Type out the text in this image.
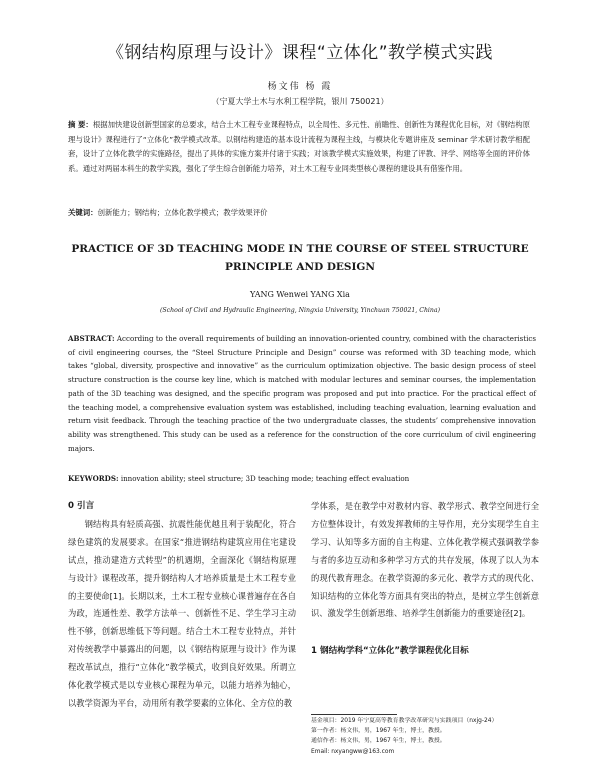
《钢结构原理与设计》课程“立体化”教学模式实践
杨文伟 杨 霞
（宁夏大学土木与水利工程学院，银川 750021）
摘 要：根据加快建设创新型国家的总要求，结合土木工程专业课程特点，以全局性、多元性、前瞻性、创新性为课程优化目标，对《钢结构原理与设计》课程进行了“立体化”教学模式改革。以钢结构建造的基本设计流程为课程主线，与模块化专题讲座及 seminar 学术研讨教学相配套，设计了立体化教学的实施路径，提出了具体的实施方案并付诸于实践；对该教学模式实施效果，构建了评教、评学、网络等全面的评价体系。通过对两届本科生的教学实践，强化了学生综合创新能力培养，对土木工程专业同类型核心课程的建设具有借鉴作用。
关键词：创新能力；钢结构；立体化教学模式；教学效果评价
PRACTICE OF 3D TEACHING MODE IN THE COURSE OF STEEL STRUCTURE
PRINCIPLE AND DESIGN
YANG Wenwei YANG Xia
(School of Civil and Hydraulic Engineering, Ningxia University, Yinchuan 750021, China)
ABSTRACT: According to the overall requirements of building an innovation-oriented country, combined with the characteristics of civil engineering courses, the “Steel Structure Principle and Design” course was reformed with 3D teaching mode, which takes “global, diversity, prospective and innovative” as the curriculum optimization objective. The basic design process of steel structure construction is the course key line, which is matched with modular lectures and seminar courses, the implementation path of the 3D teaching was designed, and the specific program was proposed and put into practice. For the practical effect of the teaching model, a comprehensive evaluation system was established, including teaching evaluation, learning evaluation and return visit feedback. Through the teaching practice of the two undergraduate classes, the students’ comprehensive innovation ability was strengthened. This study can be used as a reference for the construction of the core curriculum of civil engineering majors.
KEYWORDS: innovation ability; steel structure; 3D teaching mode; teaching effect evaluation
0 引言
钢结构具有轻质高强、抗震性能优越且利于装配化，符合绿色建筑的发展要求。在国家“推进钢结构建筑应用住宅建设试点，推动建造方式转型”的机遇期，全面深化《钢结构原理与设计》课程改革，提升钢结构人才培养质量是土木工程专业的主要使命[1]。长期以来，土木工程专业核心课普遍存在各自为政，连通性差、教学方法单一、创新性不足、学生学习主动性不够，创新思维低下等问题。结合土木工程专业特点，并针对传统教学中暴露出的问题，以《钢结构原理与设计》作为课程改革试点，推行“立体化”教学模式，收到良好效果。所谓立体化教学模式是以专业核心课程为单元，以能力培养为轴心，以教学资源为平台，动用所有教学要素的立体化、全方位的教
学体系，是在教学中对教材内容、教学形式、教学空间进行全方位整体设计，有效发挥教师的主导作用，充分实现学生自主学习、认知等多方面的自主构建、立体化教学模式强调教学参与者的多边互动和多种学习方式的共存发展，体现了以人为本的现代教育理念。在教学资源的多元化、教学方式的现代化、知识结构的立体化等方面具有突出的特点，是树立学生创新意识、激发学生创新思维、培养学生创新能力的重要途径[2]。
1 钢结构学科“立体化”教学课程优化目标
基金项目：2019 年宁夏高等教育教学改革研究与实践项目（nxjg-24）
第一作者：杨文伟，男，1967 年生，博士，教授。
通信作者：杨文伟，男，1967 年生，博士，教授。
Email: nxyangww@163.com
